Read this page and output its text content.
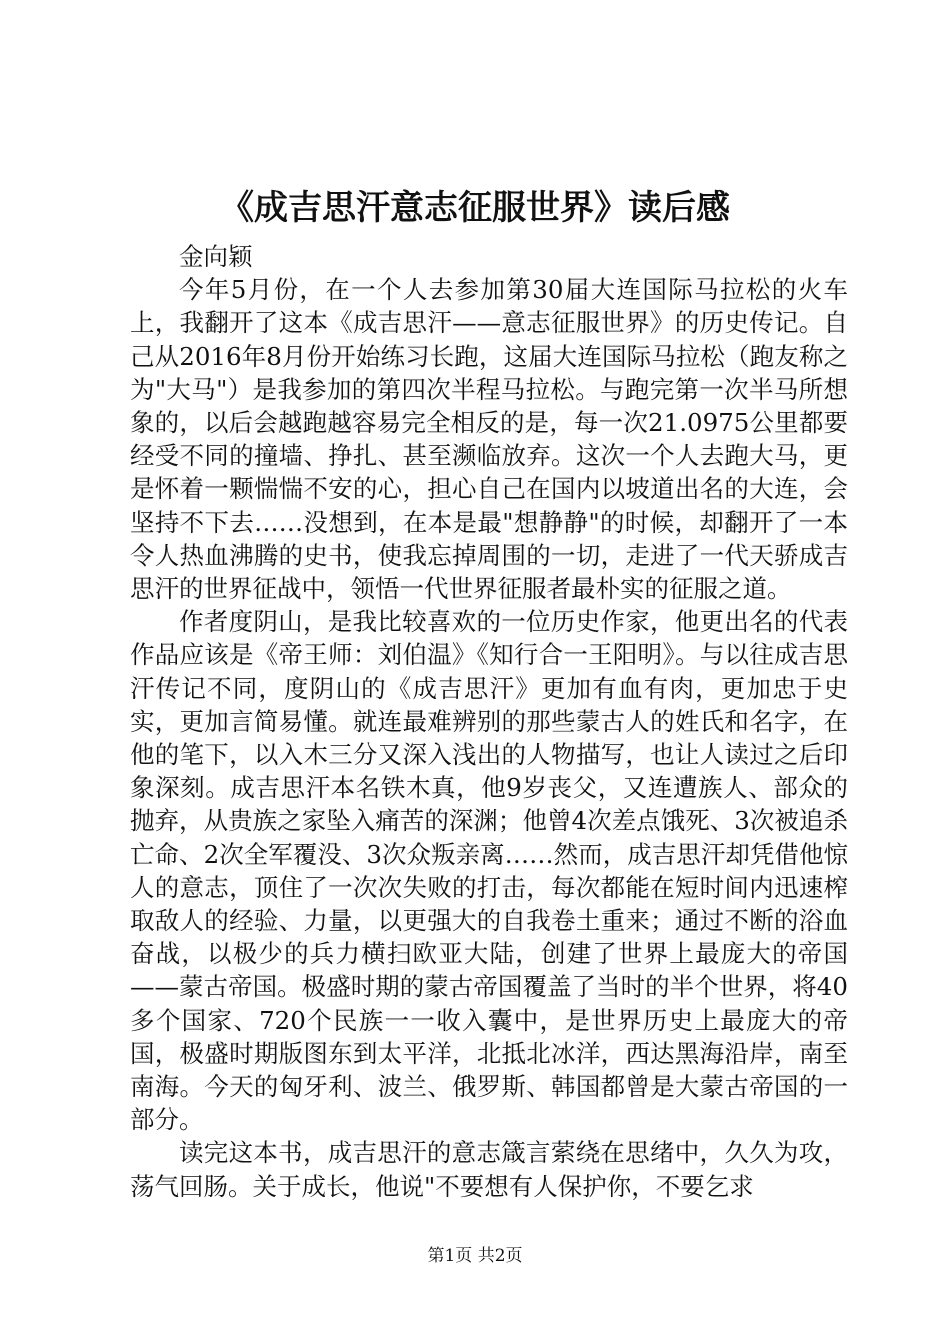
《成吉思汗意志征服世界》读后感

金向颖

今年5月份，在一个人去参加第30届大连国际马拉松的火车上，我翻开了这本《成吉思汗——意志征服世界》的历史传记。自己从2016年8月份开始练习长跑，这届大连国际马拉松（跑友称之为"大马"）是我参加的第四次半程马拉松。与跑完第一次半马所想象的，以后会越跑越容易完全相反的是，每一次21.0975公里都要经受不同的撞墙、挣扎、甚至濒临放弃。这次一个人去跑大马，更是怀着一颗惴惴不安的心，担心自己在国内以坡道出名的大连，会坚持不下去……没想到，在本是最"想静静"的时候，却翻开了一本令人热血沸腾的史书，使我忘掉周围的一切，走进了一代天骄成吉思汗的世界征战中，领悟一代世界征服者最朴实的征服之道。

作者度阴山，是我比较喜欢的一位历史作家，他更出名的代表作品应该是《帝王师：刘伯温》《知行合一王阳明》。与以往成吉思汗传记不同，度阴山的《成吉思汗》更加有血有肉，更加忠于史实，更加言简易懂。就连最难辨别的那些蒙古人的姓氏和名字，在他的笔下，以入木三分又深入浅出的人物描写，也让人读过之后印象深刻。成吉思汗本名铁木真，他9岁丧父，又连遭族人、部众的抛弃，从贵族之家坠入痛苦的深渊；他曾4次差点饿死、3次被追杀亡命、2次全军覆没、3次众叛亲离……然而，成吉思汗却凭借他惊人的意志，顶住了一次次失败的打击，每次都能在短时间内迅速榨取敌人的经验、力量，以更强大的自我卷土重来；通过不断的浴血奋战，以极少的兵力横扫欧亚大陆，创建了世界上最庞大的帝国——蒙古帝国。极盛时期的蒙古帝国覆盖了当时的半个世界，将40多个国家、720个民族一一收入囊中，是世界历史上最庞大的帝国，极盛时期版图东到太平洋，北抵北冰洋，西达黑海沿岸，南至南海。今天的匈牙利、波兰、俄罗斯、韩国都曾是大蒙古帝国的一部分。

读完这本书，成吉思汗的意志箴言萦绕在思绪中，久久为攻，荡气回肠。关于成长，他说"不要想有人保护你，不要乞求

第1页 共2页
